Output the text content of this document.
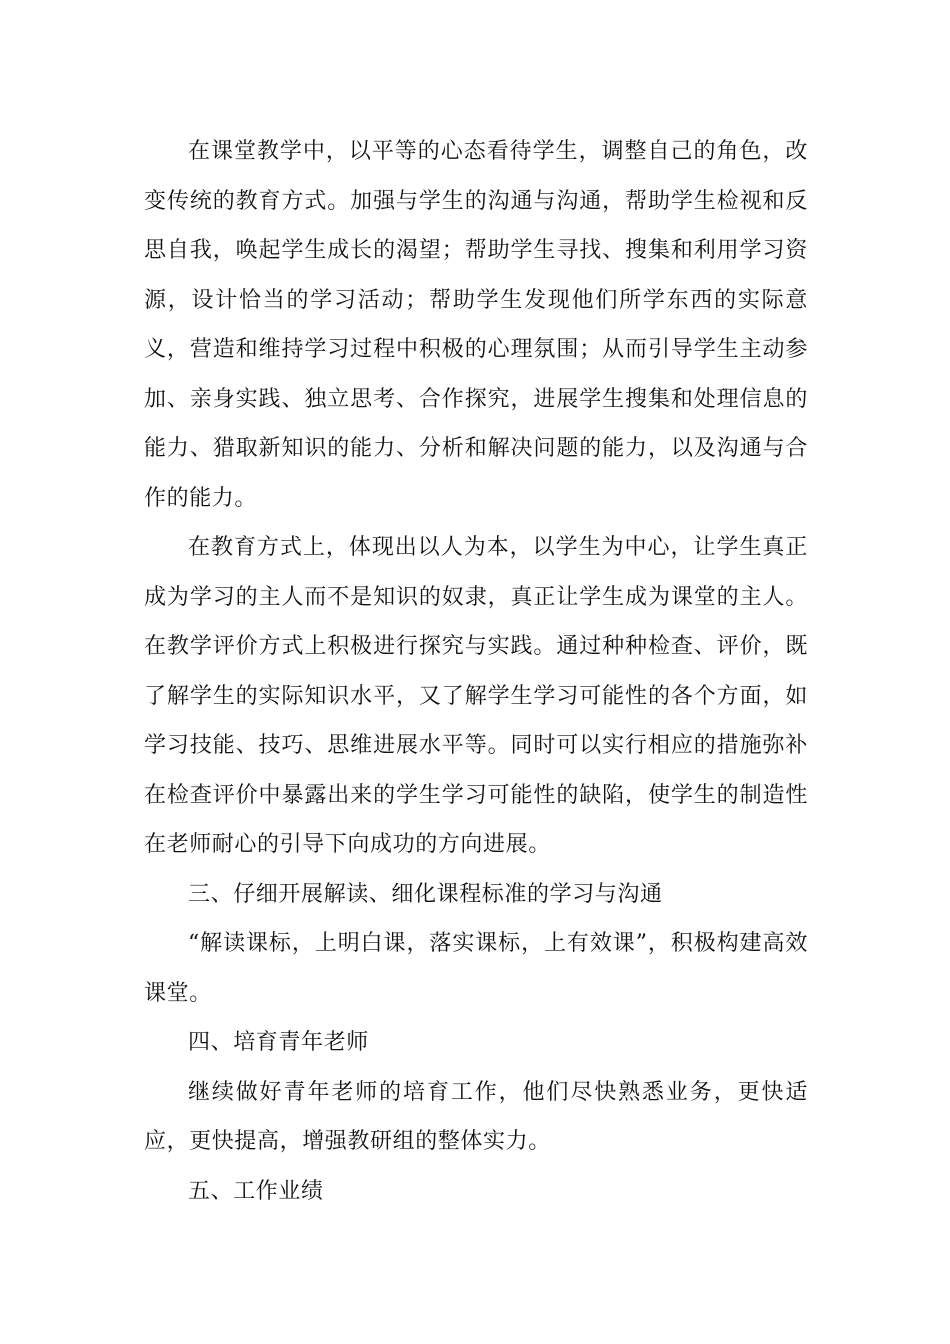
在课堂教学中，以平等的心态看待学生，调整自己的角色，改变传统的教育方式。加强与学生的沟通与沟通，帮助学生检视和反思自我，唤起学生成长的渴望；帮助学生寻找、搜集和利用学习资源，设计恰当的学习活动；帮助学生发现他们所学东西的实际意义，营造和维持学习过程中积极的心理氛围；从而引导学生主动参加、亲身实践、独立思考、合作探究，进展学生搜集和处理信息的能力、猎取新知识的能力、分析和解决问题的能力，以及沟通与合作的能力。

在教育方式上，体现出以人为本，以学生为中心，让学生真正成为学习的主人而不是知识的奴隶，真正让学生成为课堂的主人。在教学评价方式上积极进行探究与实践。通过种种检查、评价，既了解学生的实际知识水平，又了解学生学习可能性的各个方面，如学习技能、技巧、思维进展水平等。同时可以实行相应的措施弥补在检查评价中暴露出来的学生学习可能性的缺陷，使学生的制造性在老师耐心的引导下向成功的方向进展。

三、仔细开展解读、细化课程标准的学习与沟通

“解读课标，上明白课，落实课标，上有效课”，积极构建高效课堂。

四、培育青年老师

继续做好青年老师的培育工作，他们尽快熟悉业务，更快适应，更快提高，增强教研组的整体实力。

五、工作业绩
